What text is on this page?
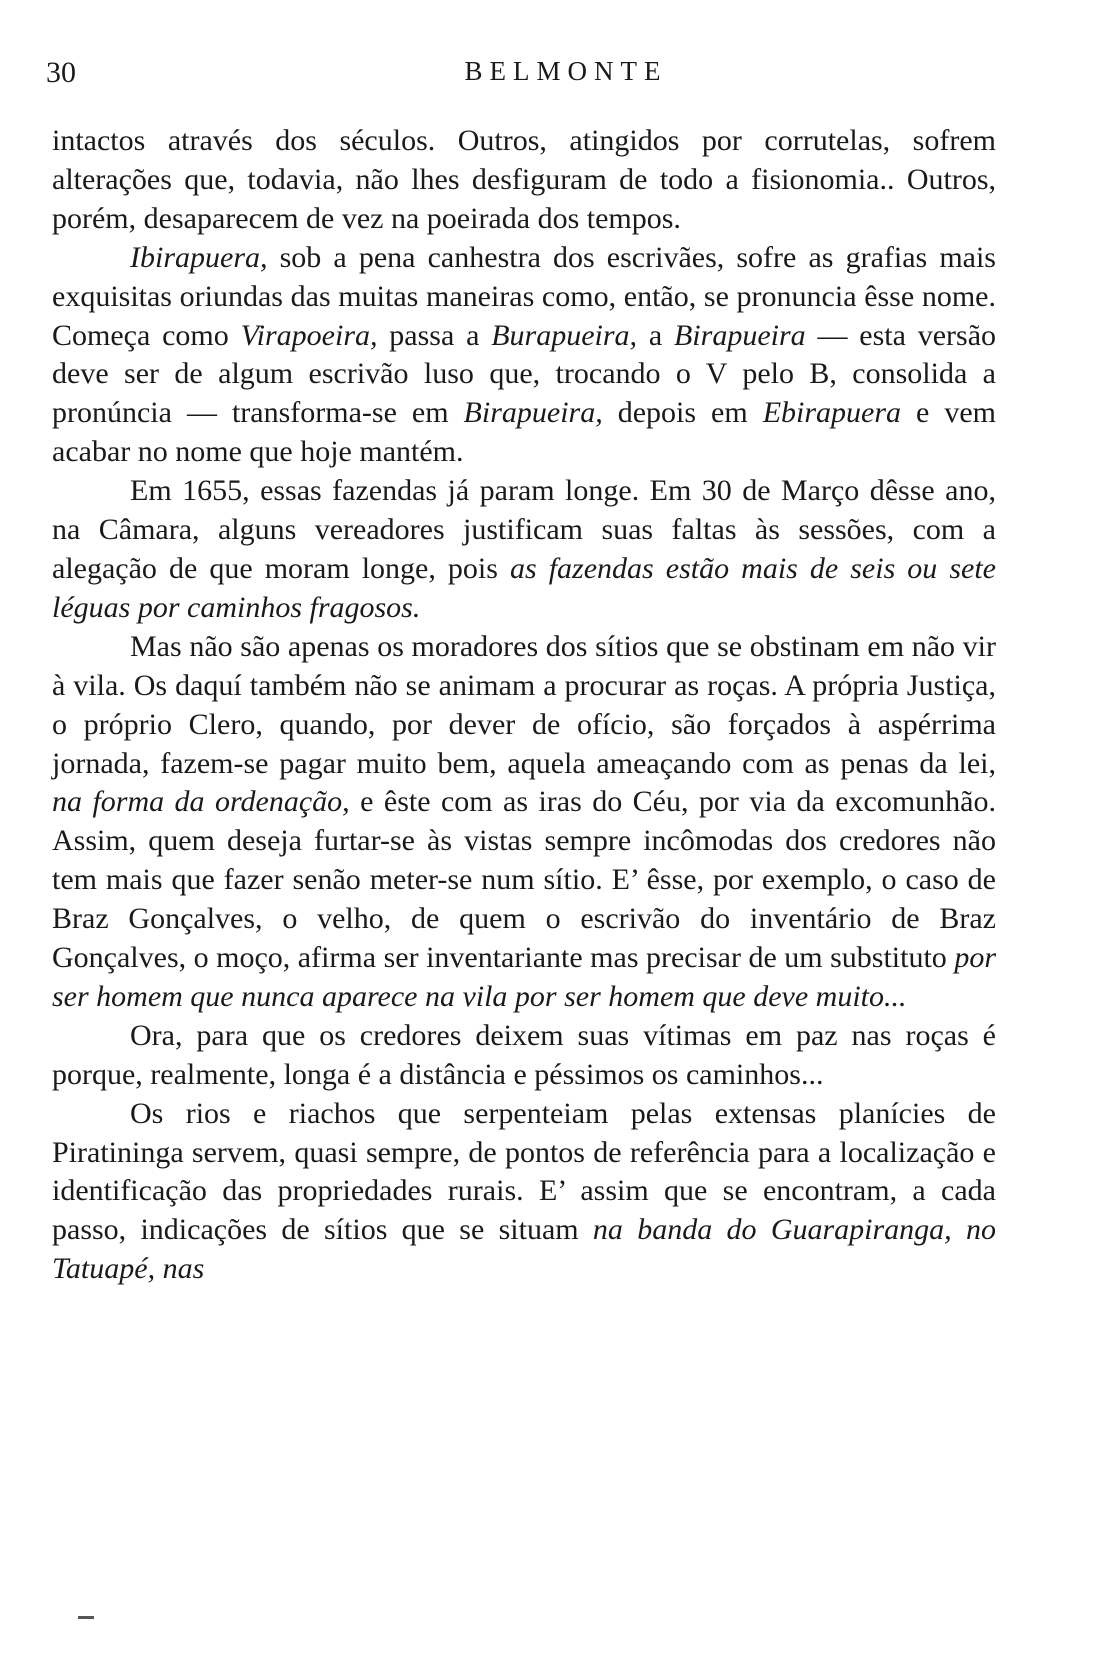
30	BELMONTE

intactos através dos séculos. Outros, atingidos por corrutelas, sofrem alterações que, todavia, não lhes desfiguram de todo a fisionomia.. Outros, porém, desaparecem de vez na poeirada dos tempos.

Ibirapuera, sob a pena canhestra dos escrivães, sofre as grafias mais exquisitas oriundas das muitas maneiras como, então, se pronuncia êsse nome. Começa como Virapoeira, passa a Burapueira, a Birapueira — esta versão deve ser de algum escrivão luso que, trocando o V pelo B, consolida a pronúncia — transforma-se em Birapueira, depois em Ebirapuera e vem acabar no nome que hoje mantém.

Em 1655, essas fazendas já param longe. Em 30 de Março dêsse ano, na Câmara, alguns vereadores justificam suas faltas às sessões, com a alegação de que moram longe, pois as fazendas estão mais de seis ou sete léguas por caminhos fragosos.

Mas não são apenas os moradores dos sítios que se obstinam em não vir à vila. Os daquí também não se animam a procurar as roças. A própria Justiça, o próprio Clero, quando, por dever de ofício, são forçados à aspérrima jornada, fazem-se pagar muito bem, aquela ameaçando com as penas da lei, na forma da ordenação, e êste com as iras do Céu, por via da excomunhão. Assim, quem deseja furtar-se às vistas sempre incômodas dos credores não tem mais que fazer senão meter-se num sítio. E’ êsse, por exemplo, o caso de Braz Gonçalves, o velho, de quem o escrivão do inventário de Braz Gonçalves, o moço, afirma ser inventariante mas precisar de um substituto por ser homem que nunca aparece na vila por ser homem que deve muito...

Ora, para que os credores deixem suas vítimas em paz nas roças é porque, realmente, longa é a distância e péssimos os caminhos...

Os rios e riachos que serpenteiam pelas extensas planícies de Piratininga servem, quasi sempre, de pontos de referência para a localização e identificação das propriedades rurais. E’ assim que se encontram, a cada passo, indicações de sítios que se situam na banda do Guarapiranga, no Tatuapé, nas
